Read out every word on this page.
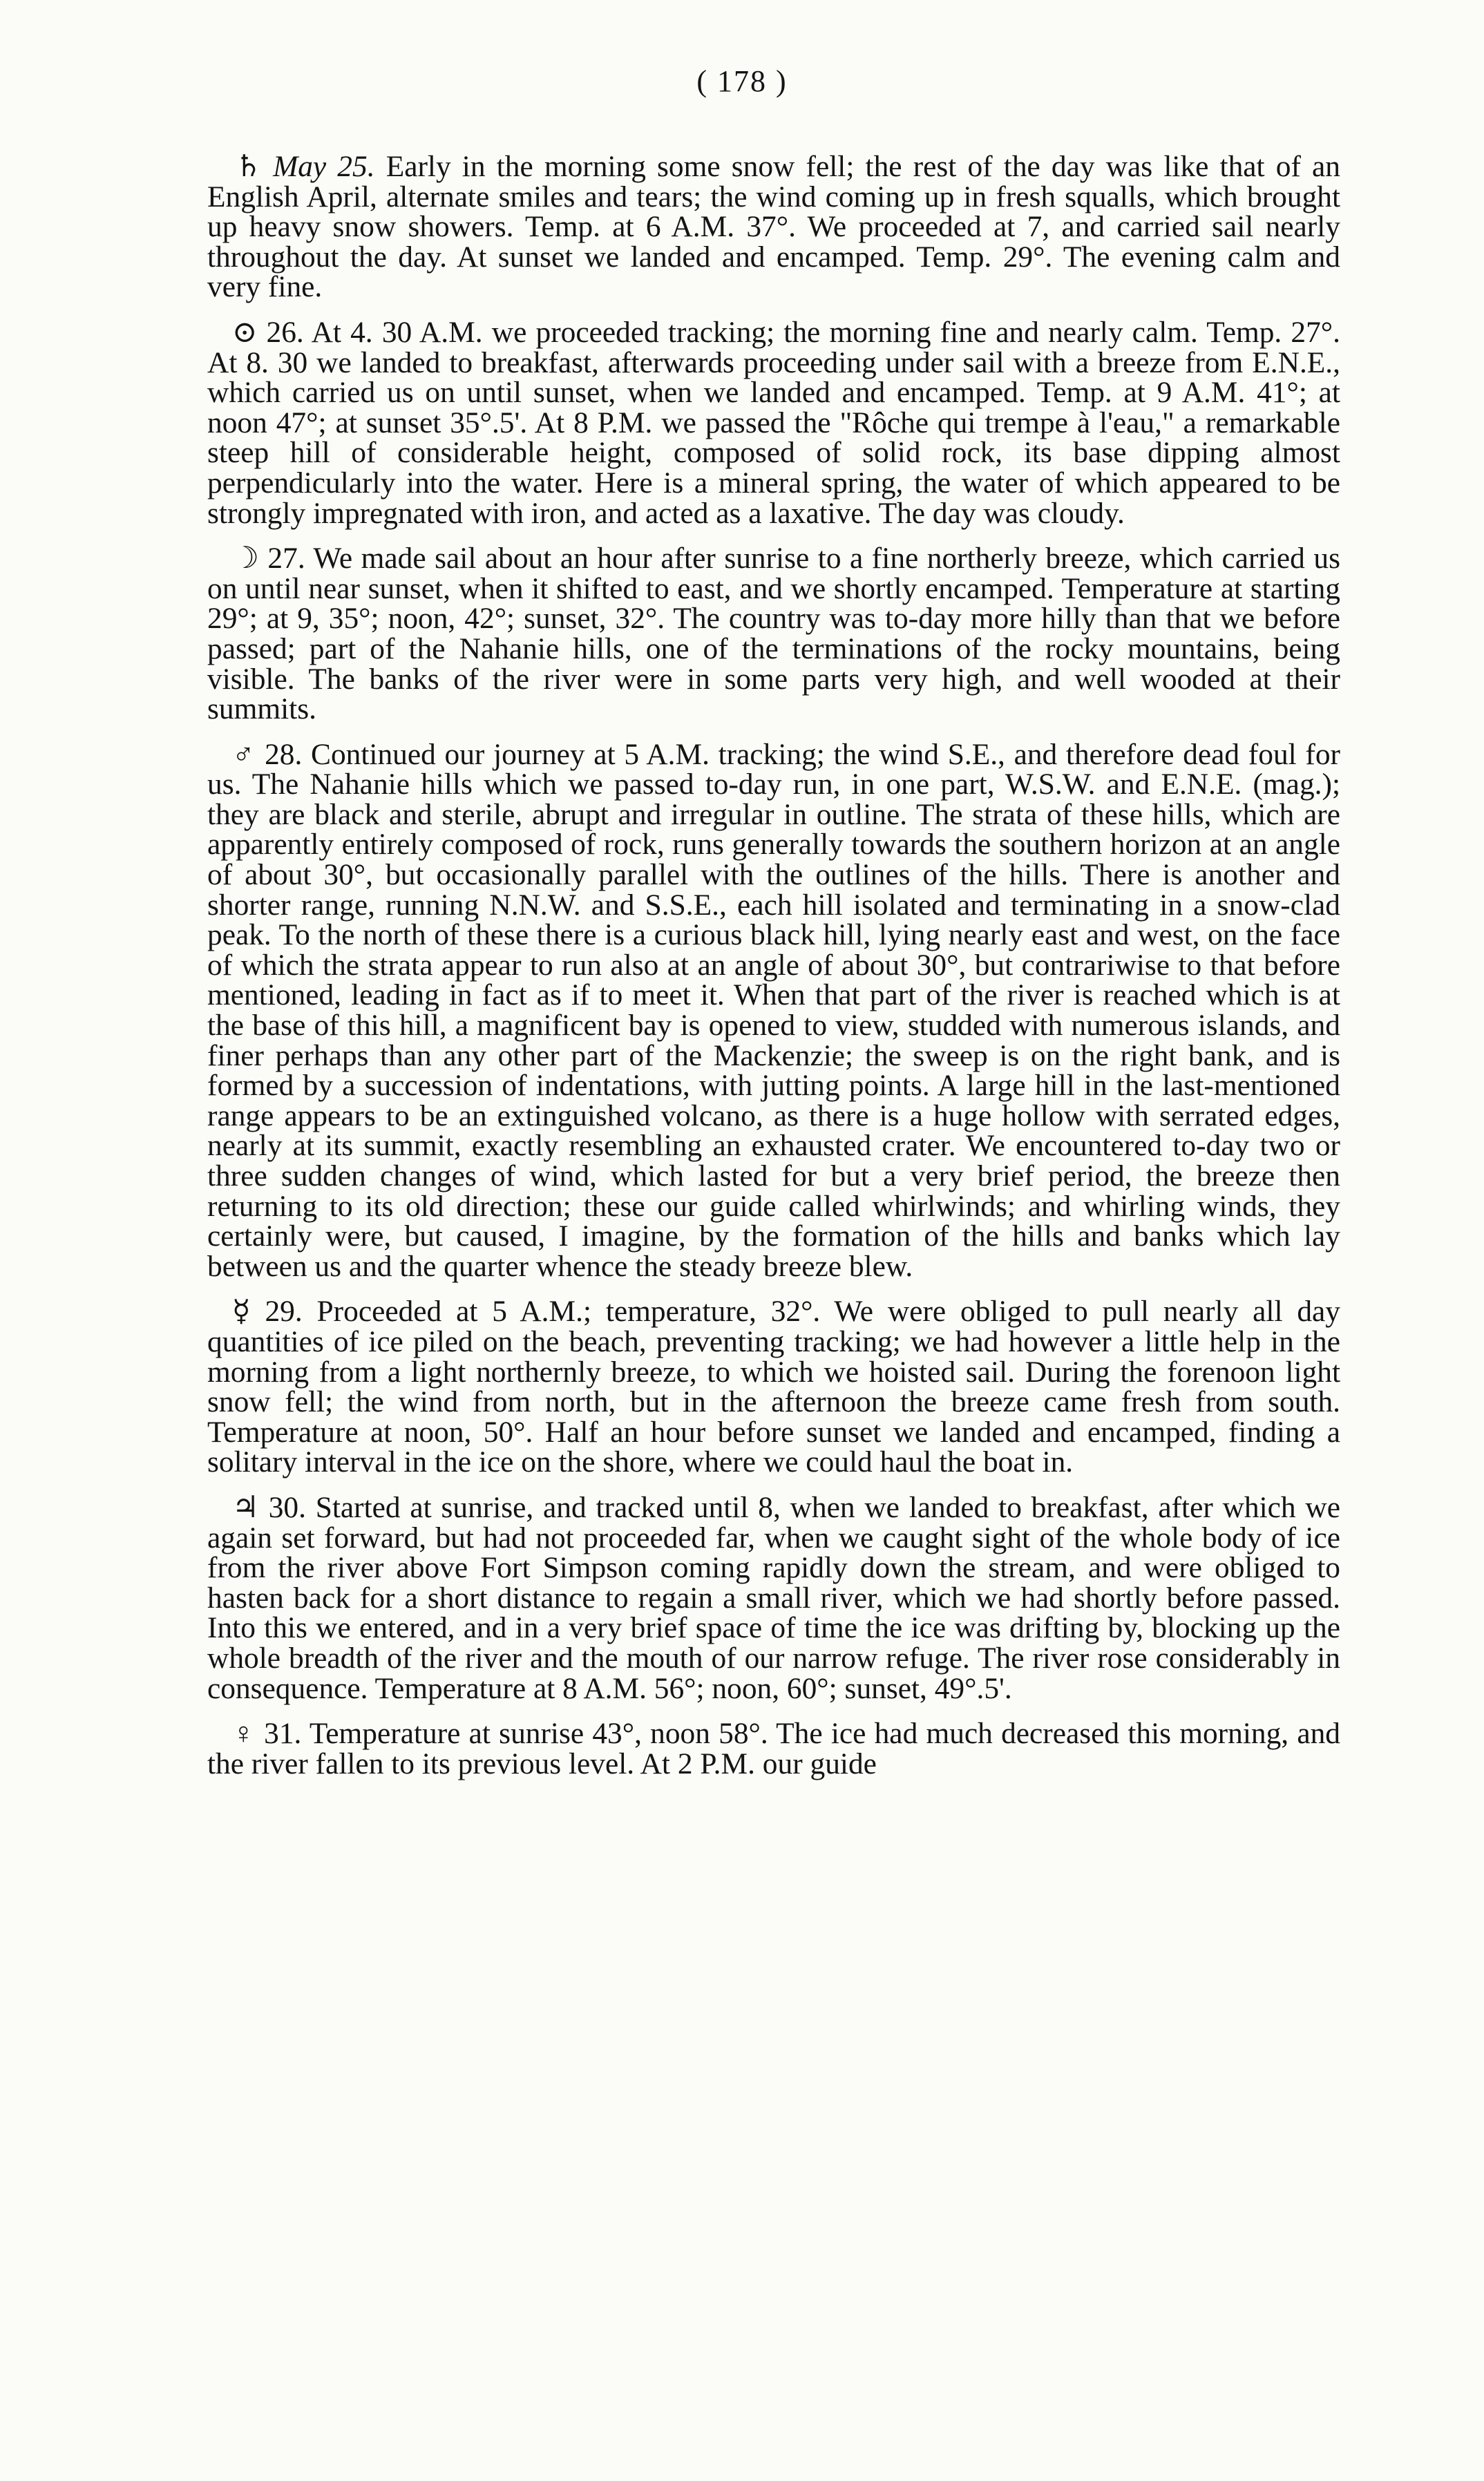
( 178 )

♄ May 25. Early in the morning some snow fell; the rest of the day was like that of an English April, alternate smiles and tears; the wind coming up in fresh squalls, which brought up heavy snow showers. Temp. at 6 A.M. 37°. We proceeded at 7, and carried sail nearly throughout the day. At sunset we landed and encamped. Temp. 29°. The evening calm and very fine.

⊙ 26. At 4. 30 A.M. we proceeded tracking; the morning fine and nearly calm. Temp. 27°. At 8. 30 we landed to breakfast, afterwards proceeding under sail with a breeze from E.N.E., which carried us on until sunset, when we landed and encamped. Temp. at 9 A.M. 41°; at noon 47°; at sunset 35°.5'. At 8 P.M. we passed the "Rôche qui trempe à l'eau," a remarkable steep hill of considerable height, composed of solid rock, its base dipping almost perpendicularly into the water. Here is a mineral spring, the water of which appeared to be strongly impregnated with iron, and acted as a laxative. The day was cloudy.

☽ 27. We made sail about an hour after sunrise to a fine northerly breeze, which carried us on until near sunset, when it shifted to east, and we shortly encamped. Temperature at starting 29°; at 9, 35°; noon, 42°; sunset, 32°. The country was to-day more hilly than that we before passed; part of the Nahanie hills, one of the terminations of the rocky mountains, being visible. The banks of the river were in some parts very high, and well wooded at their summits.

♂ 28. Continued our journey at 5 A.M. tracking; the wind S.E., and therefore dead foul for us. The Nahanie hills which we passed to-day run, in one part, W.S.W. and E.N.E. (mag.); they are black and sterile, abrupt and irregular in outline. The strata of these hills, which are apparently entirely composed of rock, runs generally towards the southern horizon at an angle of about 30°, but occasionally parallel with the outlines of the hills. There is another and shorter range, running N.N.W. and S.S.E., each hill isolated and terminating in a snow-clad peak. To the north of these there is a curious black hill, lying nearly east and west, on the face of which the strata appear to run also at an angle of about 30°, but contrariwise to that before mentioned, leading in fact as if to meet it. When that part of the river is reached which is at the base of this hill, a magnificent bay is opened to view, studded with numerous islands, and finer perhaps than any other part of the Mackenzie; the sweep is on the right bank, and is formed by a succession of indentations, with jutting points. A large hill in the last-mentioned range appears to be an extinguished volcano, as there is a huge hollow with serrated edges, nearly at its summit, exactly resembling an exhausted crater. We encountered to-day two or three sudden changes of wind, which lasted for but a very brief period, the breeze then returning to its old direction; these our guide called whirlwinds; and whirling winds, they certainly were, but caused, I imagine, by the formation of the hills and banks which lay between us and the quarter whence the steady breeze blew.

☿ 29. Proceeded at 5 A.M.; temperature, 32°. We were obliged to pull nearly all day quantities of ice piled on the beach, preventing tracking; we had however a little help in the morning from a light northernly breeze, to which we hoisted sail. During the forenoon light snow fell; the wind from north, but in the afternoon the breeze came fresh from south. Temperature at noon, 50°. Half an hour before sunset we landed and encamped, finding a solitary interval in the ice on the shore, where we could haul the boat in.

♃ 30. Started at sunrise, and tracked until 8, when we landed to breakfast, after which we again set forward, but had not proceeded far, when we caught sight of the whole body of ice from the river above Fort Simpson coming rapidly down the stream, and were obliged to hasten back for a short distance to regain a small river, which we had shortly before passed. Into this we entered, and in a very brief space of time the ice was drifting by, blocking up the whole breadth of the river and the mouth of our narrow refuge. The river rose considerably in consequence. Temperature at 8 A.M. 56°; noon, 60°; sunset, 49°.5'.

♀ 31. Temperature at sunrise 43°, noon 58°. The ice had much decreased this morning, and the river fallen to its previous level. At 2 P.M. our guide
